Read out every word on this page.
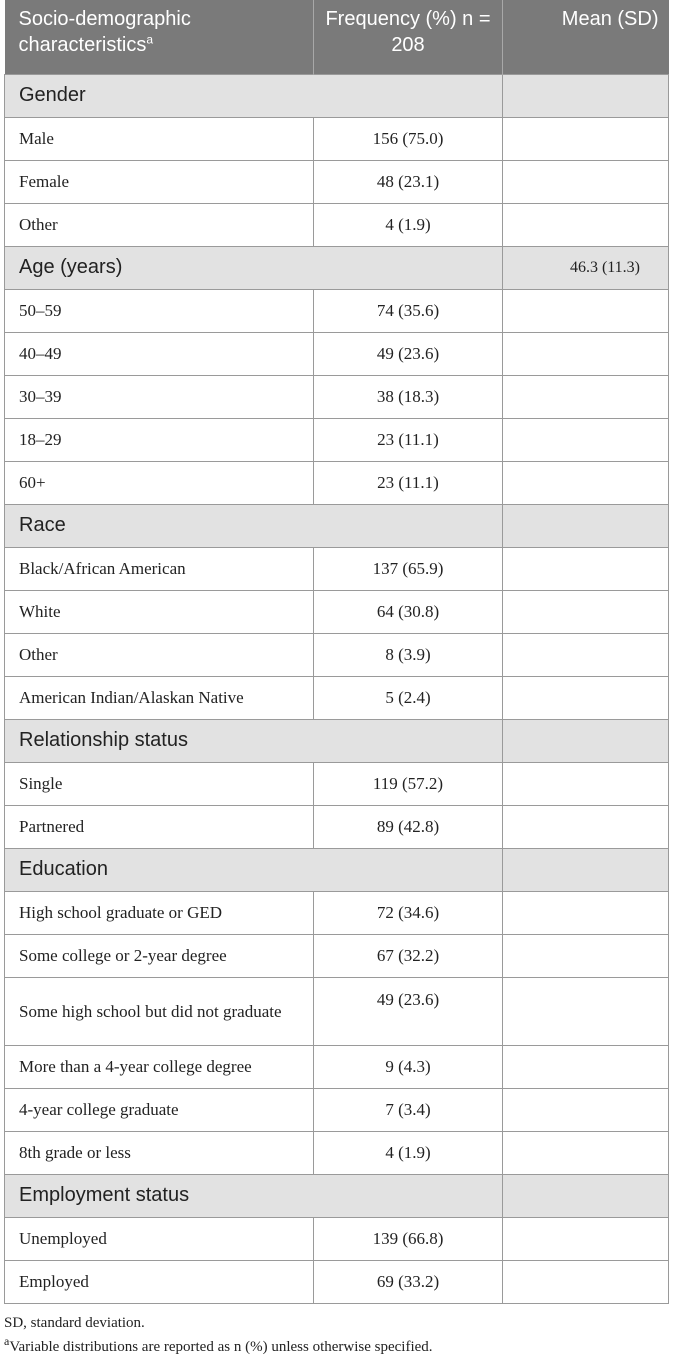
Socio-demographic characteristics$^a$	Frequency (%) n = 208	Mean (SD)
Gender		
Male	156 (75.0)	
Female	48 (23.1)	
Other	4 (1.9)	
Age (years)		46.3 (11.3)
50–59	74 (35.6)	
40–49	49 (23.6)	
30–39	38 (18.3)	
18–29	23 (11.1)	
60+	23 (11.1)	
Race		
Black/African American	137 (65.9)	
White	64 (30.8)	
Other	8 (3.9)	
American Indian/Alaskan Native	5 (2.4)	
Relationship status		
Single	119 (57.2)	
Partnered	89 (42.8)	
Education		
High school graduate or GED	72 (34.6)	
Some college or 2-year degree	67 (32.2)	
Some high school but did not graduate	49 (23.6)	
More than a 4-year college degree	9 (4.3)	
4-year college graduate	7 (3.4)	
8th grade or less	4 (1.9)	
Employment status		
Unemployed	139 (66.8)	
Employed	69 (33.2)	
SD, standard deviation.
$^a$Variable distributions are reported as n (%) unless otherwise specified.
